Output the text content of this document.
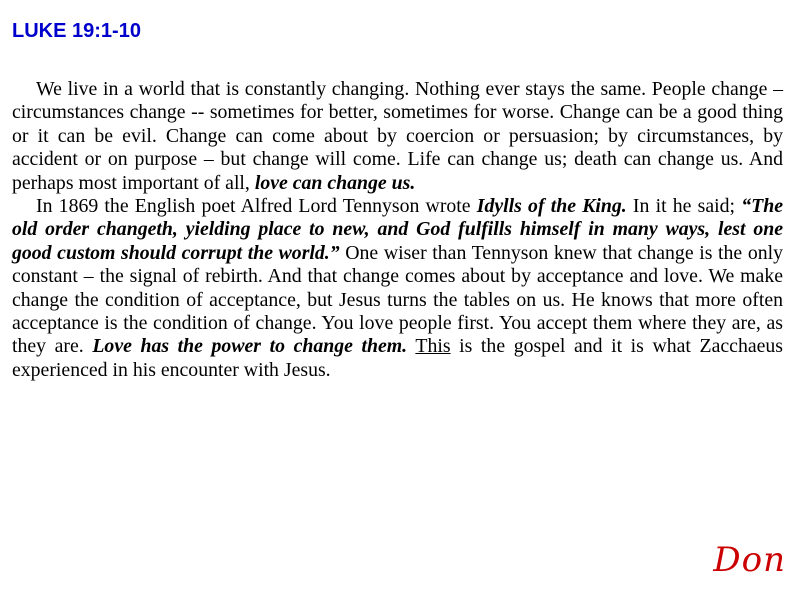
LUKE 19:1-10

We live in a world that is constantly changing. Nothing ever stays the same. People change – circumstances change -- sometimes for better, sometimes for worse. Change can be a good thing or it can be evil. Change can come about by coercion or persuasion; by circumstances, by accident or on purpose – but change will come. Life can change us; death can change us. And perhaps most important of all, love can change us.

In 1869 the English poet Alfred Lord Tennyson wrote Idylls of the King. In it he said; “The old order changeth, yielding place to new, and God fulfills himself in many ways, lest one good custom should corrupt the world.” One wiser than Tennyson knew that change is the only constant – the signal of rebirth. And that change comes about by acceptance and love. We make change the condition of acceptance, but Jesus turns the tables on us. He knows that more often acceptance is the condition of change. You love people first. You accept them where they are, as they are. Love has the power to change them. This is the gospel and it is what Zacchaeus experienced in his encounter with Jesus.

Don
